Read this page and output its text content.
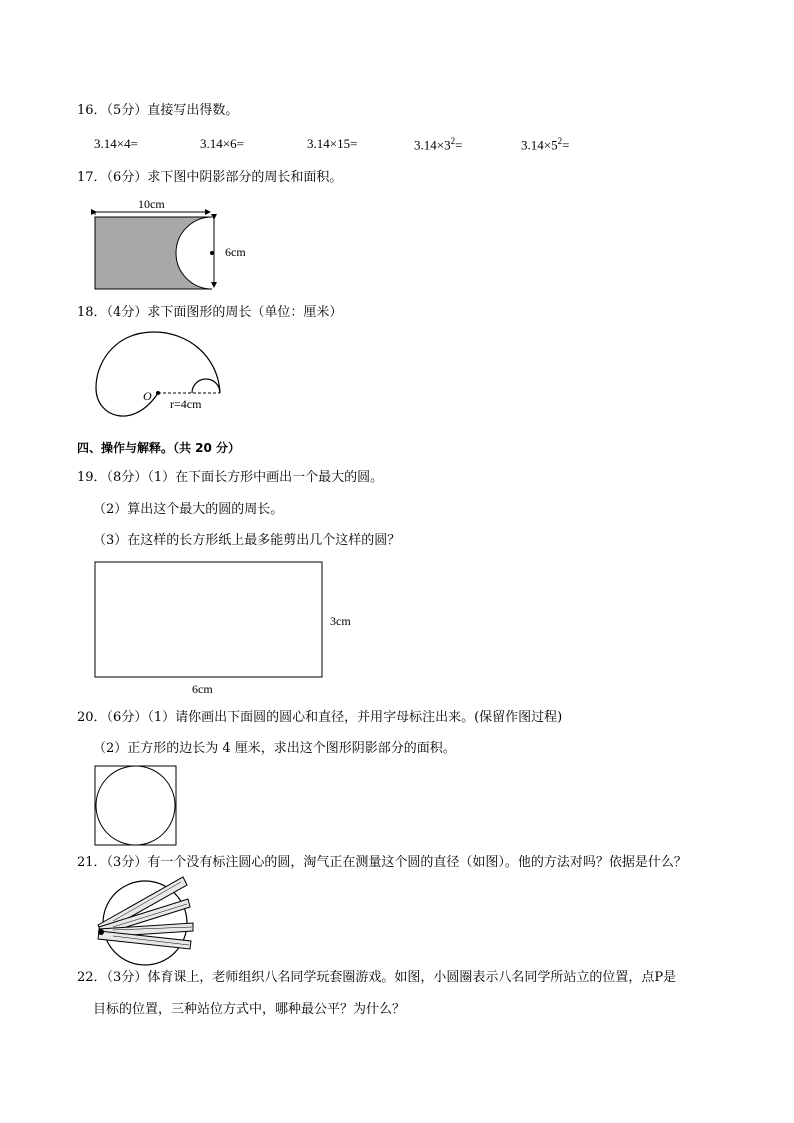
16．（5分）直接写出得数。
3.14×4=	3.14×6=	3.14×15=	$3.14\times 3^2=$	$3.14\times 5^2=$
17．（6分）求下图中阴影部分的周长和面积。
10cm
6cm
18．（4分）求下面图形的周长（单位：厘米）
O
r=4cm
四、操作与解释。（共 20 分）
19．（8分）（1）在下面长方形中画出一个最大的圆。
（2）算出这个最大的圆的周长。
（3）在这样的长方形纸上最多能剪出几个这样的圆？
3cm
6cm
20．（6分）（1）请你画出下面圆的圆心和直径，并用字母标注出来。(保留作图过程)
（2）正方形的边长为 4 厘米，求出这个图形阴影部分的面积。
21．（3分）有一个没有标注圆心的圆，淘气正在测量这个圆的直径（如图）。他的方法对吗？依据是什么？
22．（3分）体育课上，老师组织八名同学玩套圈游戏。如图，小圆圈表示八名同学所站立的位置，点P是
目标的位置，三种站位方式中，哪种最公平？为什么？
